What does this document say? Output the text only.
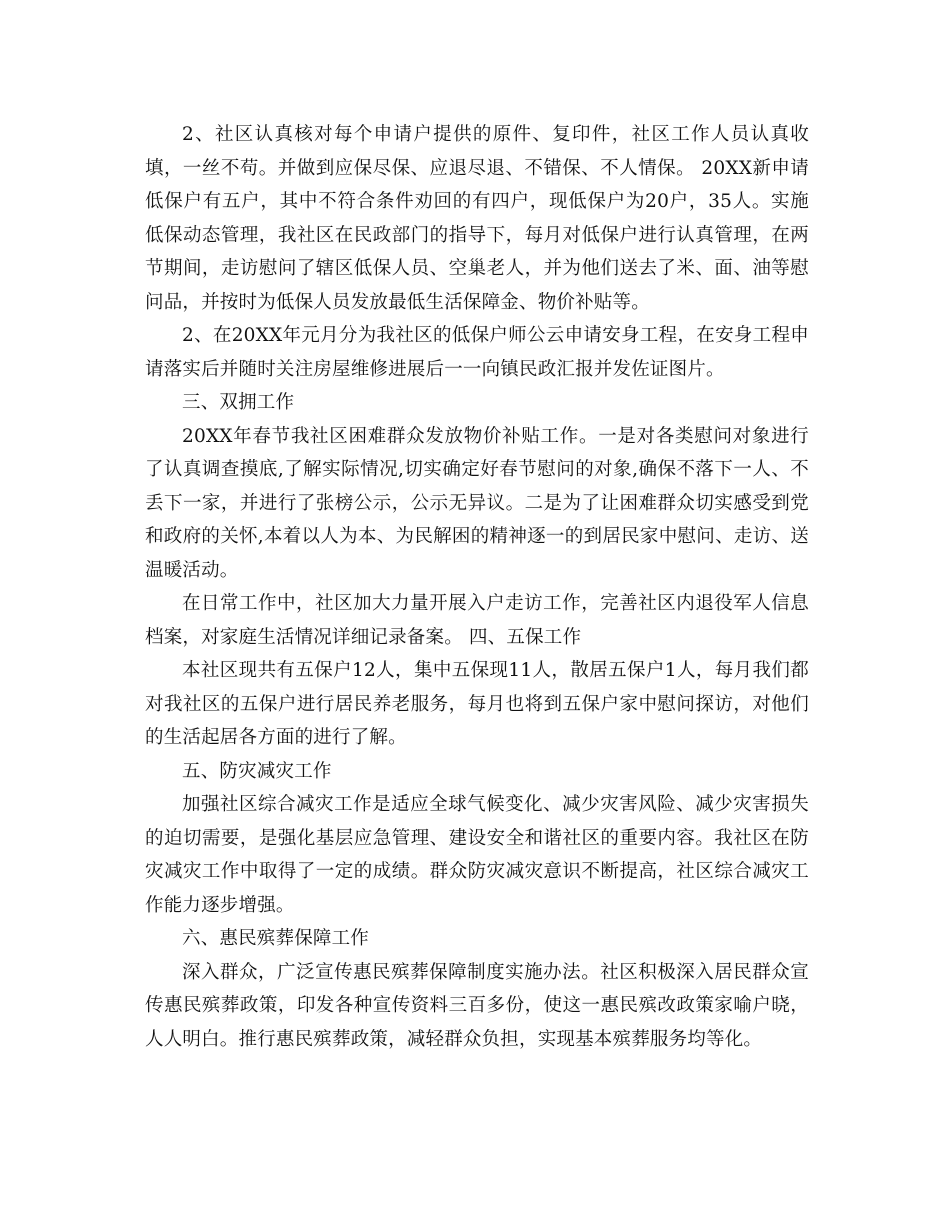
2、社区认真核对每个申请户提供的原件、复印件，社区工作人员认真收填，一丝不苟。并做到应保尽保、应退尽退、不错保、不人情保。 20XX新申请低保户有五户，其中不符合条件劝回的有四户，现低保户为20户，35人。实施低保动态管理，我社区在民政部门的指导下，每月对低保户进行认真管理，在两节期间，走访慰问了辖区低保人员、空巢老人，并为他们送去了米、面、油等慰问品，并按时为低保人员发放最低生活保障金、物价补贴等。

2、在20XX年元月分为我社区的低保户师公云申请安身工程，在安身工程申请落实后并随时关注房屋维修进展后一一向镇民政汇报并发佐证图片。

三、双拥工作

20XX年春节我社区困难群众发放物价补贴工作。一是对各类慰问对象进行了认真调查摸底,了解实际情况,切实确定好春节慰问的对象,确保不落下一人、不丢下一家，并进行了张榜公示，公示无异议。二是为了让困难群众切实感受到党和政府的关怀,本着以人为本、为民解困的精神逐一的到居民家中慰问、走访、送温暖活动。

在日常工作中，社区加大力量开展入户走访工作，完善社区内退役军人信息档案，对家庭生活情况详细记录备案。 四、五保工作

本社区现共有五保户12人，集中五保现11人，散居五保户1人，每月我们都对我社区的五保户进行居民养老服务，每月也将到五保户家中慰问探访，对他们的生活起居各方面的进行了解。

五、防灾减灾工作

加强社区综合减灾工作是适应全球气候变化、减少灾害风险、减少灾害损失的迫切需要，是强化基层应急管理、建设安全和谐社区的重要内容。我社区在防灾减灾工作中取得了一定的成绩。群众防灾减灾意识不断提高，社区综合减灾工作能力逐步增强。

六、惠民殡葬保障工作

深入群众，广泛宣传惠民殡葬保障制度实施办法。社区积极深入居民群众宣传惠民殡葬政策，印发各种宣传资料三百多份，使这一惠民殡改政策家喻户晓，人人明白。推行惠民殡葬政策，减轻群众负担，实现基本殡葬服务均等化。
